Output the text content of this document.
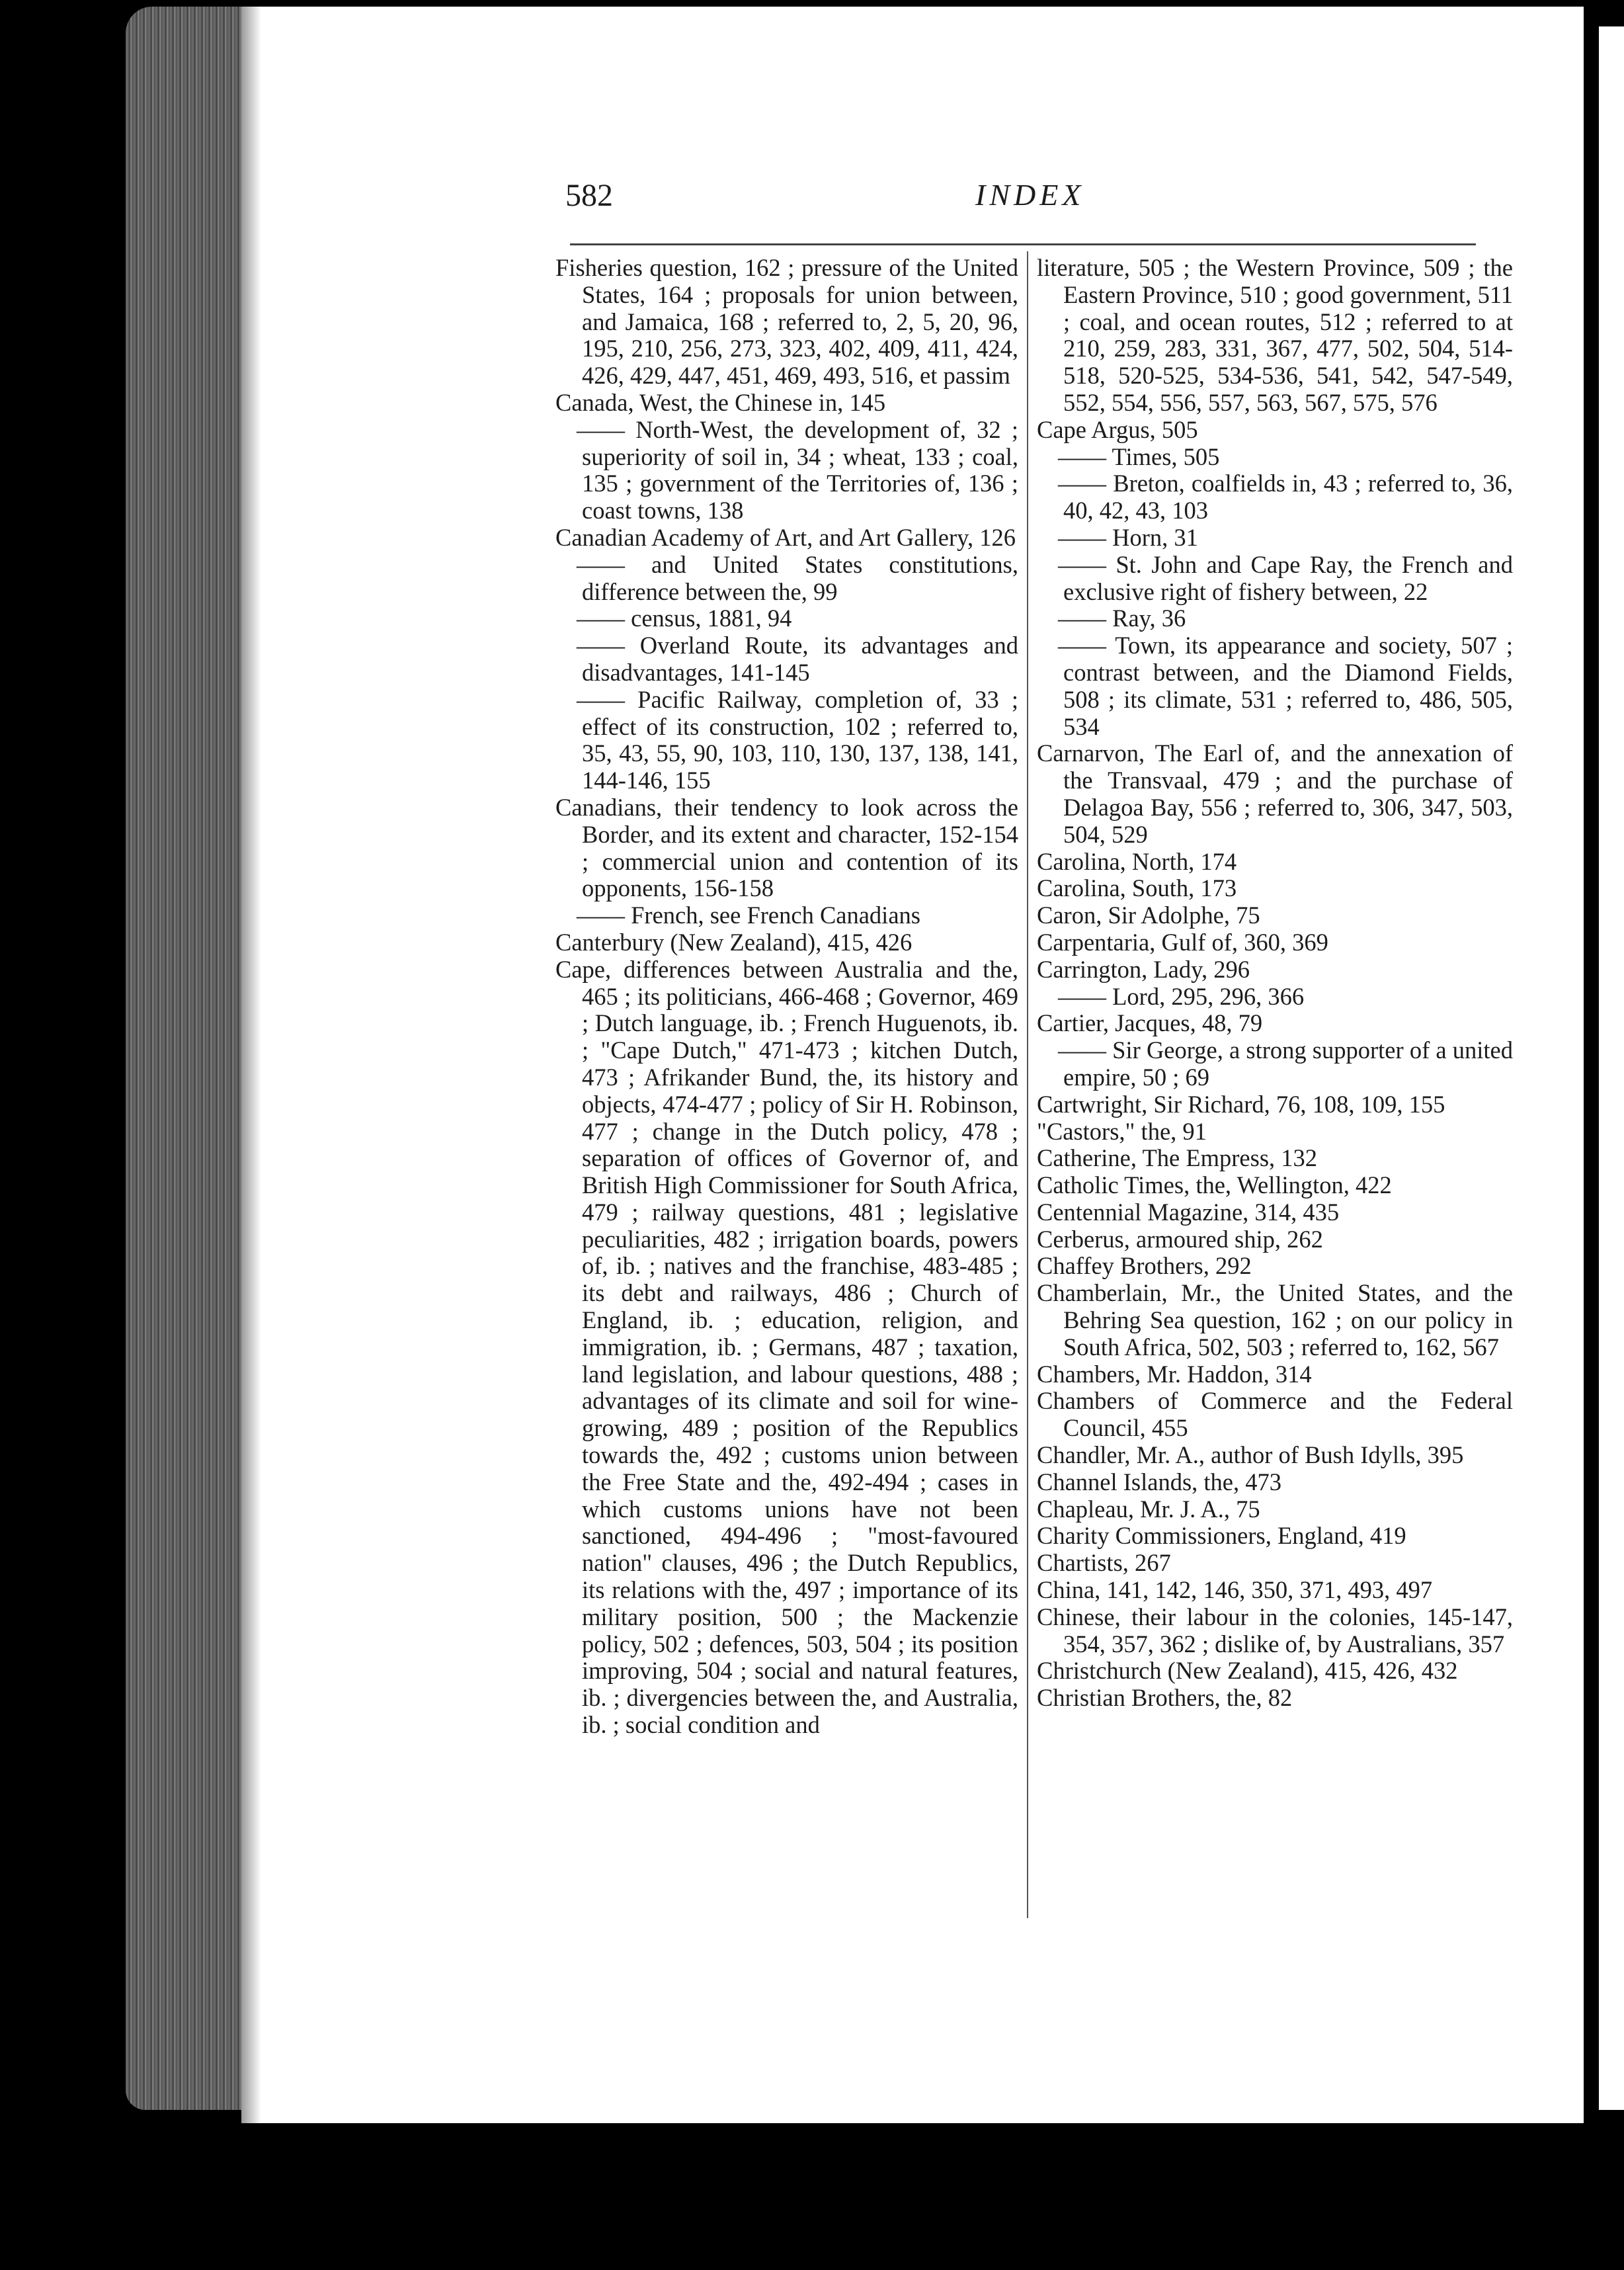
582	INDEX
Fisheries question, 162 ; pressure of the United States, 164 ; proposals for union between, and Jamaica, 168 ; referred to, 2, 5, 20, 96, 195, 210, 256, 273, 323, 402, 409, 411, 424, 426, 429, 447, 451, 469, 493, 516, et passim
Canada, West, the Chinese in, 145
—— North-West, the development of, 32 ; superiority of soil in, 34 ; wheat, 133 ; coal, 135 ; government of the Territories of, 136 ; coast towns, 138
Canadian Academy of Art, and Art Gallery, 126
—— and United States constitutions, difference between the, 99
—— census, 1881, 94
—— Overland Route, its advantages and disadvantages, 141-145
—— Pacific Railway, completion of, 33 ; effect of its construction, 102 ; referred to, 35, 43, 55, 90, 103, 110, 130, 137, 138, 141, 144-146, 155
Canadians, their tendency to look across the Border, and its extent and character, 152-154 ; commercial union and contention of its opponents, 156-158
—— French, see French Canadians
Canterbury (New Zealand), 415, 426
Cape, differences between Australia and the, 465 ; its politicians, 466-468 ; Governor, 469 ; Dutch language, ib. ; French Huguenots, ib. ; "Cape Dutch," 471-473 ; kitchen Dutch, 473 ; Afrikander Bund, the, its history and objects, 474-477 ; policy of Sir H. Robinson, 477 ; change in the Dutch policy, 478 ; separation of offices of Governor of, and British High Commissioner for South Africa, 479 ; railway questions, 481 ; legislative peculiarities, 482 ; irrigation boards, powers of, ib. ; natives and the franchise, 483-485 ; its debt and railways, 486 ; Church of England, ib. ; education, religion, and immigration, ib. ; Germans, 487 ; taxation, land legislation, and labour questions, 488 ; advantages of its climate and soil for wine-growing, 489 ; position of the Republics towards the, 492 ; customs union between the Free State and the, 492-494 ; cases in which customs unions have not been sanctioned, 494-496 ; "most-favoured nation" clauses, 496 ; the Dutch Republics, its relations with the, 497 ; importance of its military position, 500 ; the Mackenzie policy, 502 ; defences, 503, 504 ; its position improving, 504 ; social and natural features, ib. ; divergencies between the, and Australia, ib. ; social condition and
literature, 505 ; the Western Province, 509 ; the Eastern Province, 510 ; good government, 511 ; coal, and ocean routes, 512 ; referred to at 210, 259, 283, 331, 367, 477, 502, 504, 514-518, 520-525, 534-536, 541, 542, 547-549, 552, 554, 556, 557, 563, 567, 575, 576
Cape Argus, 505
—— Times, 505
—— Breton, coalfields in, 43 ; referred to, 36, 40, 42, 43, 103
—— Horn, 31
—— St. John and Cape Ray, the French and exclusive right of fishery between, 22
—— Ray, 36
—— Town, its appearance and society, 507 ; contrast between, and the Diamond Fields, 508 ; its climate, 531 ; referred to, 486, 505, 534
Carnarvon, The Earl of, and the annexation of the Transvaal, 479 ; and the purchase of Delagoa Bay, 556 ; referred to, 306, 347, 503, 504, 529
Carolina, North, 174
Carolina, South, 173
Caron, Sir Adolphe, 75
Carpentaria, Gulf of, 360, 369
Carrington, Lady, 296
—— Lord, 295, 296, 366
Cartier, Jacques, 48, 79
—— Sir George, a strong supporter of a united empire, 50 ; 69
Cartwright, Sir Richard, 76, 108, 109, 155
"Castors," the, 91
Catherine, The Empress, 132
Catholic Times, the, Wellington, 422
Centennial Magazine, 314, 435
Cerberus, armoured ship, 262
Chaffey Brothers, 292
Chamberlain, Mr., the United States, and the Behring Sea question, 162 ; on our policy in South Africa, 502, 503 ; referred to, 162, 567
Chambers, Mr. Haddon, 314
Chambers of Commerce and the Federal Council, 455
Chandler, Mr. A., author of Bush Idylls, 395
Channel Islands, the, 473
Chapleau, Mr. J. A., 75
Charity Commissioners, England, 419
Chartists, 267
China, 141, 142, 146, 350, 371, 493, 497
Chinese, their labour in the colonies, 145-147, 354, 357, 362 ; dislike of, by Australians, 357
Christchurch (New Zealand), 415, 426, 432
Christian Brothers, the, 82
